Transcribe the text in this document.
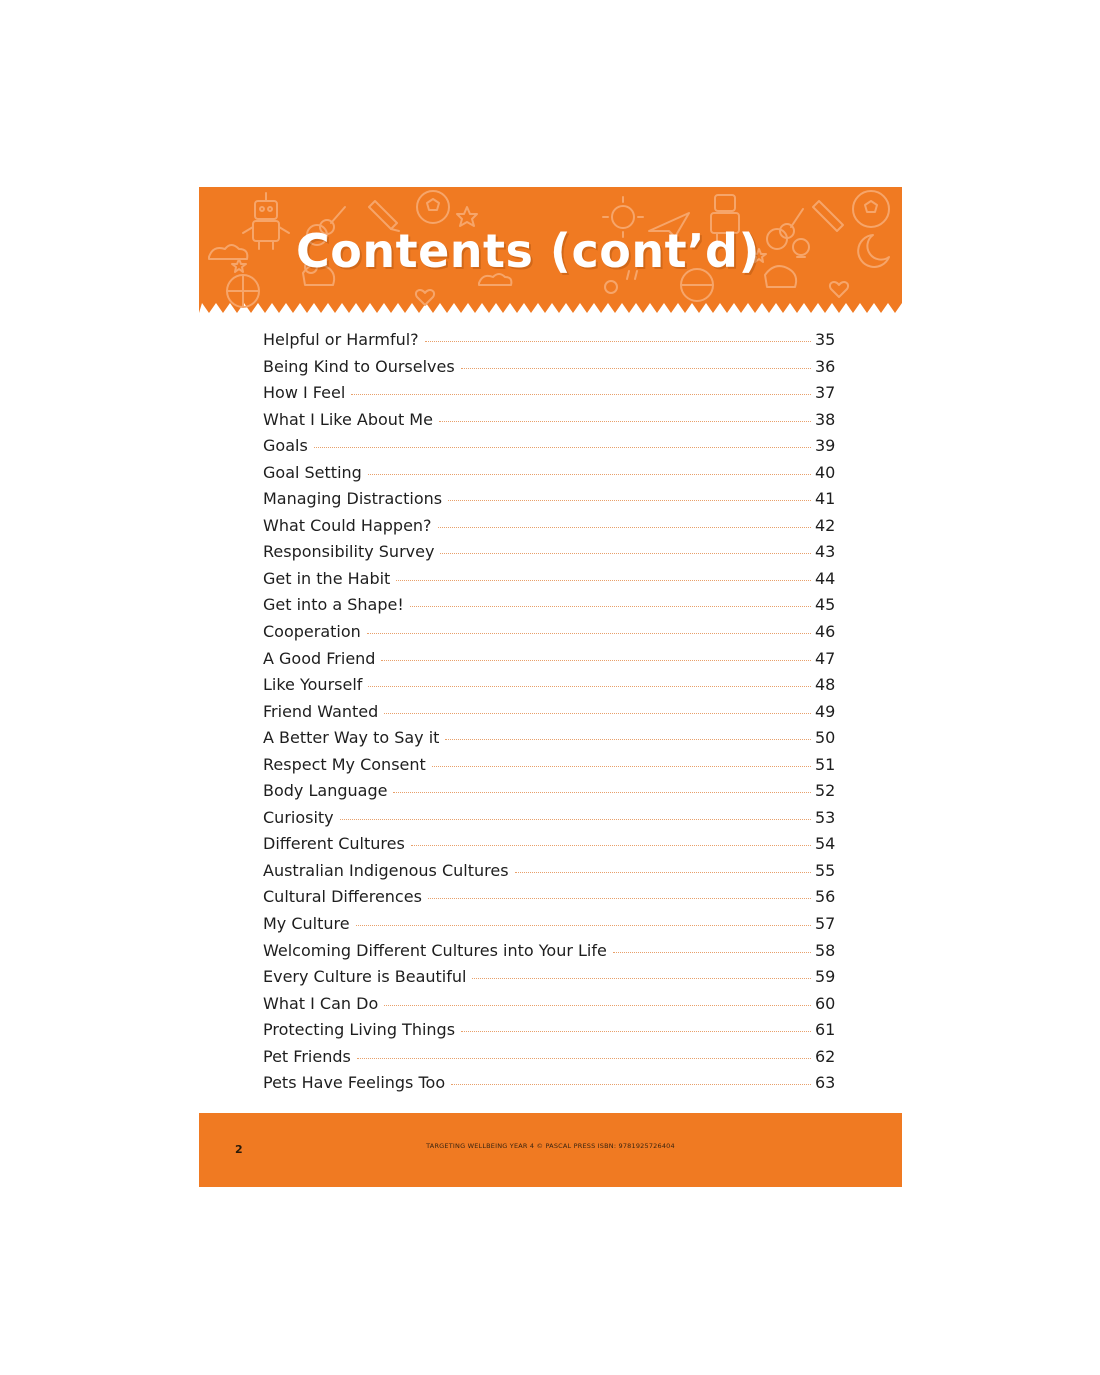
Contents (cont’d)
Helpful or Harmful?	35
Being Kind to Ourselves	36
How I Feel	37
What I Like About Me	38
Goals	39
Goal Setting	40
Managing Distractions	41
What Could Happen?	42
Responsibility Survey	43
Get in the Habit	44
Get into a Shape!	45
Cooperation	46
A Good Friend	47
Like Yourself	48
Friend Wanted	49
A Better Way to Say it	50
Respect My Consent	51
Body Language	52
Curiosity	53
Different Cultures	54
Australian Indigenous Cultures	55
Cultural Differences	56
My Culture	57
Welcoming Different Cultures into Your Life	58
Every Culture is Beautiful	59
What I Can Do	60
Protecting Living Things	61
Pet Friends	62
Pets Have Feelings Too	63
2	TARGETING WELLBEING YEAR 4 © PASCAL PRESS ISBN: 9781925726404
